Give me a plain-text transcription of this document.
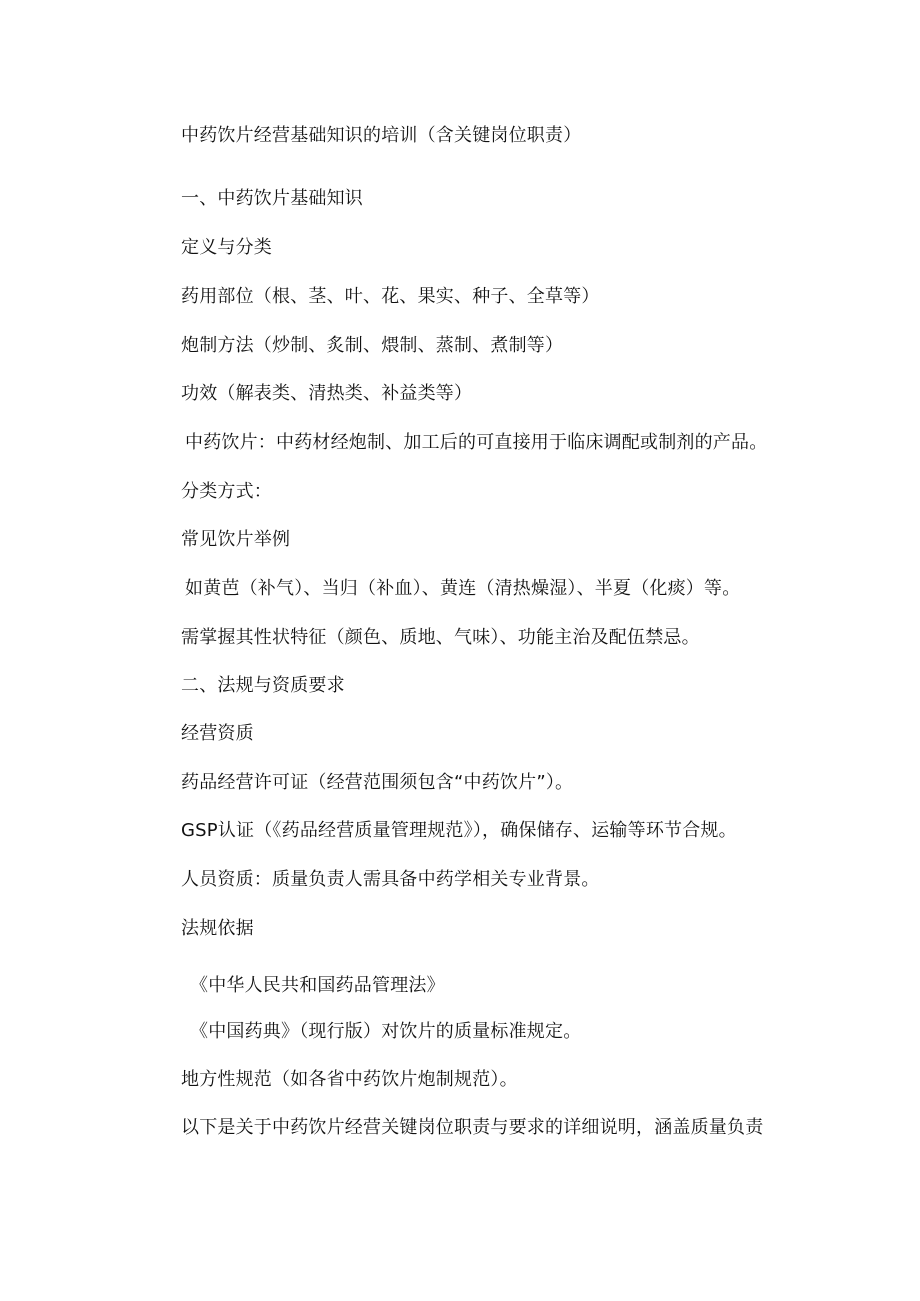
中药饮片经营基础知识的培训（含关键岗位职责）
一、中药饮片基础知识
定义与分类
药用部位（根、茎、叶、花、果实、种子、全草等）
炮制方法（炒制、炙制、煨制、蒸制、煮制等）
功效（解表类、清热类、补益类等）
中药饮片：中药材经炮制、加工后的可直接用于临床调配或制剂的产品。
分类方式：
常见饮片举例
如黄芭（补气）、当归（补血）、黄连（清热燥湿）、半夏（化痰）等。
需掌握其性状特征（颜色、质地、气味）、功能主治及配伍禁忌。
二、法规与资质要求
经营资质
药品经营许可证（经营范围须包含“中药饮片”）。
GSP认证（《药品经营质量管理规范》），确保储存、运输等环节合规。
人员资质：质量负责人需具备中药学相关专业背景。
法规依据
《中华人民共和国药品管理法》
《中国药典》（现行版）对饮片的质量标准规定。
地方性规范（如各省中药饮片炮制规范）。
以下是关于中药饮片经营关键岗位职责与要求的详细说明，涵盖质量负责
